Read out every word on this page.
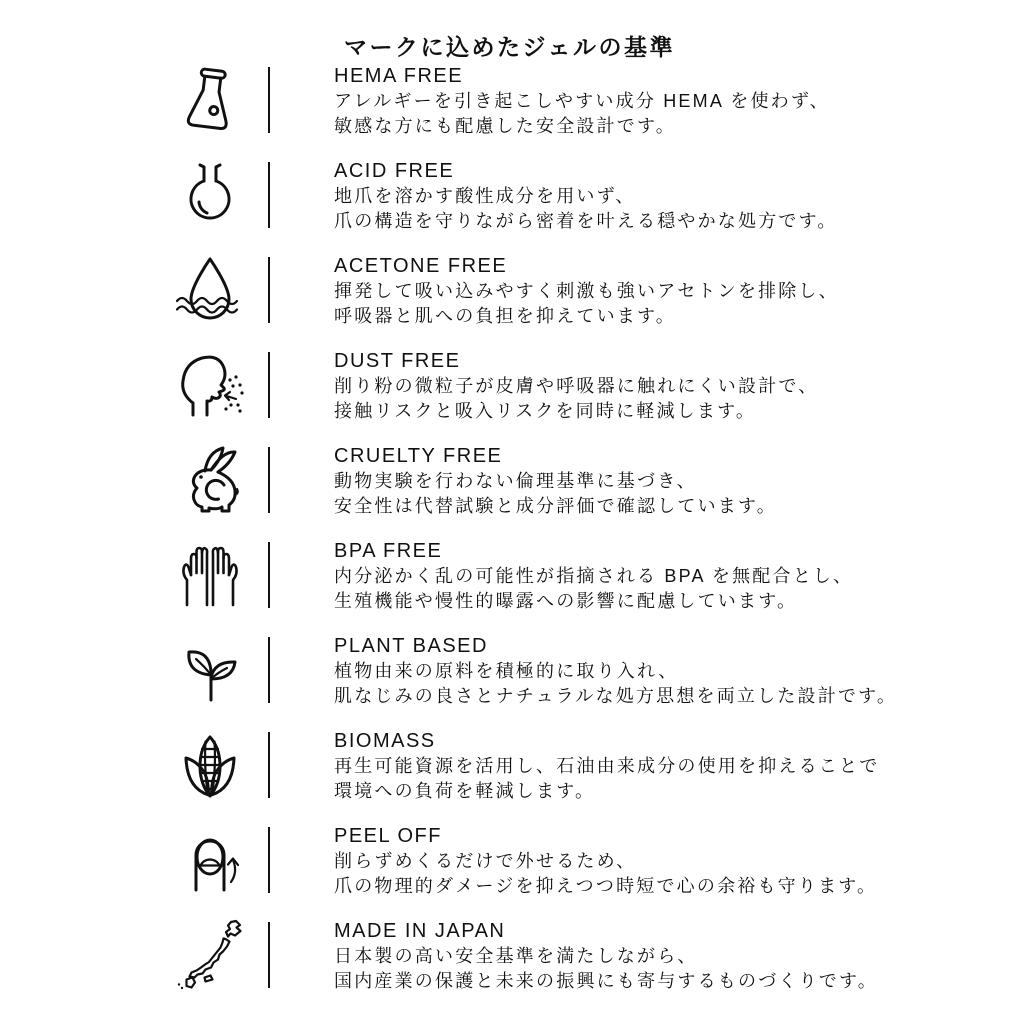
マークに込めたジェルの基準
HEMA FREE
アレルギーを引き起こしやすい成分 HEMA を使わず、
敏感な方にも配慮した安全設計です。
ACID FREE
地爪を溶かす酸性成分を用いず、
爪の構造を守りながら密着を叶える穏やかな処方です。
ACETONE FREE
揮発して吸い込みやすく刺激も強いアセトンを排除し、
呼吸器と肌への負担を抑えています。
DUST FREE
削り粉の微粒子が皮膚や呼吸器に触れにくい設計で、
接触リスクと吸入リスクを同時に軽減します。
CRUELTY FREE
動物実験を行わない倫理基準に基づき、
安全性は代替試験と成分評価で確認しています。
BPA FREE
内分泌かく乱の可能性が指摘される BPA を無配合とし、
生殖機能や慢性的曝露への影響に配慮しています。
PLANT BASED
植物由来の原料を積極的に取り入れ、
肌なじみの良さとナチュラルな処方思想を両立した設計です。
BIOMASS
再生可能資源を活用し、石油由来成分の使用を抑えることで
環境への負荷を軽減します。
PEEL OFF
削らずめくるだけで外せるため、
爪の物理的ダメージを抑えつつ時短で心の余裕も守ります。
MADE IN JAPAN
日本製の高い安全基準を満たしながら、
国内産業の保護と未来の振興にも寄与するものづくりです。
